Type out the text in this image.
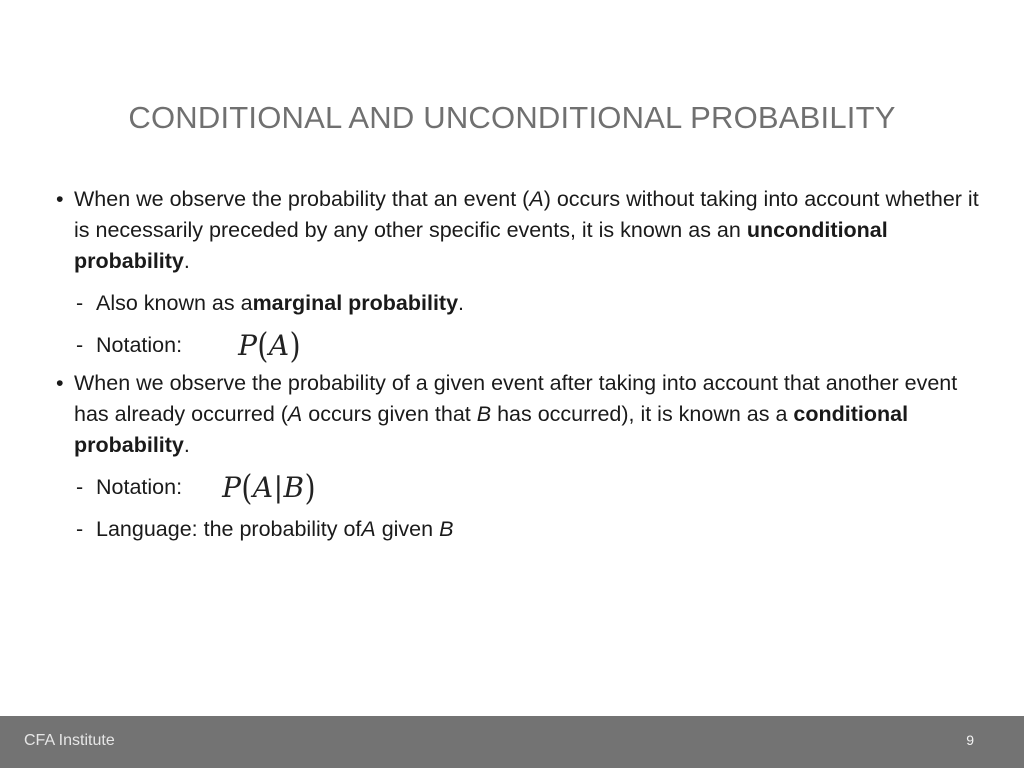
CONDITIONAL AND UNCONDITIONAL PROBABILITY

• When we observe the probability that an event (A) occurs without taking into account whether it is necessarily preceded by any other specific events, it is known as an unconditional probability.

- Also known as a marginal probability .
- Notation: P(A)

• When we observe the probability of a given event after taking into account that another event has already occurred (A occurs given that B has occurred), it is known as a conditional probability.

- Notation: P(A|B)
- Language: the probability of A given B
CFA Institute	9
